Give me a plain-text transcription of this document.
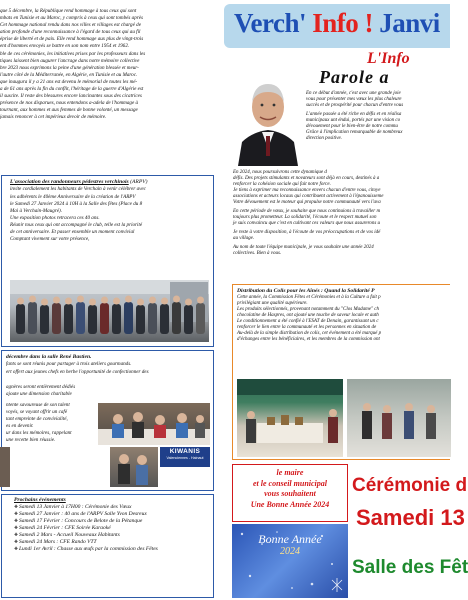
que 5 décembre, la République rend hommage à tous ceux qui sont

mbats en Tunisie et au Maroc, y compris à ceux qui sont tombés après

Cet hommage national rendu dans nos villes et villages est chargé de

ation profonde d'une reconnaissance à l'égard de tous ceux qui au fil

éprise de liberté et de paix. Elle rend hommage aux plus de vingt-trois

ent d'hommes envoyés se battre en son nom entre 1954 et 1962.

ble de ces cérémonies, les initiatives prises par les professeurs dans les

tiques laissent bien augurer l'ancrage dans notre mémoire collective

bre 2023 nous exprimons la peine d'une génération blessée et meur-

l'autre côté de la Méditerranée, en Algérie, en Tunisie et au Maroc.

que inaugura il y a 21 ans est devenu le mémorial de toutes les mé-

a de 61 ans après la fin du conflit, l'héritage de la guerre d'Algérie est

il suscite. Il reste des blessures encore lancinantes sous des cicatrices

présence de nos disparues, nous entendons a-adela de l'hommage à

tournant, aux hommes et aux femmes de bonne volonté, un message

jamais renoncer à cet impérieux devoir de mémoire.

L'association des randonneurs pédestres verchinois (ARPV)

invite cordialement les habitants de Verchain à venir célébrer avec

les adhérents le 40ème Anniversaire de la création de l'ARPV

le Samedi 27 Janvier 2024 à 10H à la Salle des fêtes (Place du 8

Mai à Verchain-Maugré).

Une exposition photos retracera ces 40 ans.

Réunir tous ceux qui ont accompagné le club, telle est la priorité

de cet anniversaire. Et passer ensemble un moment convivial

Comptant vivement sur votre présence,

décembre dans la salle René Bastien.

fants se sont réunis pour partager à trois ateliers gourmands.

ert offert aux jeunes chefs en herbe l'opportunité de confectionner des

agnères seront entièrement dédiés

ajoute une dimension charitable

ntente savoureuse de son talent

voyés, se voyant offrir un café

tant empreinte de convivialité,

es en devenir.

ur dans les mémoires, rappelant

une recette bien réussie.

KIWANIS
Valenciennes - Hainaut

Prochains événements

❖Samedi 13 Janvier à 17H00 : Cérémonie des Vœux

❖Samedi 27 Janvier : 40 ans de l'ARPV Salle Yvon Desreux

❖Samedi 17 Février : Concours de Belote de la Pétanque

❖Samedi 24 Février : CFE Soirée Karaoké

❖Samedi 2 Mars - Accueil Nouveaux Habitants

❖Samedi 24 Mars : CFE Rando VTT

❖Lundi 1er Avril : Chasse aux œufs par la commission des Fêtes

Verch' Info ! Janvi
L'Info
Parole a

En ce début d'année, c'est avec une grande joie

vous pour présenter mes vœux les plus chaleure

succès et de prospérité pour chacun d'entre vous

L'année passée a été riche en défis et en réalisa

municipaux unt éndui, portés par une vision co

dévouement pour le bien-être de notre commu

Grâce à l'implication remarquable de nombreux

direction positive.

En 2024, nous poursuivrons cette dynamique d

défis. Des projets stimulants et novateurs sont déjà en cours, destinés à a

renforcer la cohésion sociale qui fait notre force.

Je tiens à exprimer ma reconnaissance envers chacun d'entre vous, citoye

associations et acteurs locaux qui contribuent activement à l'épanouisseme

Votre dévouement est le moteur qui propulse notre communauté vers l'ava

En cette période de vœux, je souhaite que nous continuions à travailler m

toujours plus prometteur. La solidarité, l'écoute et le respect mutuel son

je suis convaincu que c'est en cultivant ces valeurs que nous assurerons u

Je reste à votre disposition, à l'écoute de vos préoccupations et de vos idé

au village.

Au nom de toute l'équipe municipale, je vous souhaite une année 2024

collectives. Bien à vous.

Distribution du Colis pour les Aînés : Quand la Solidarité P

Cette année, la Commission Fêtes et Cérémonies et à la Culture a fait p

privilégiant une qualité supérieure.

Les produits sélectionnés, provenant notamment du "Clos Madame" ch

chocolatine de Haspres, ont ajouté une touche de saveur locale et auth

Le conditionnement a été confié à l'ESAT de Denain, garantissant un c

renforcer le lien entre la communauté et les personnes en situation de

Au-delà de la simple distribution de colis, cet événement a été marqué p

d'échanges entre les bénéficiaires, et les membres de la commission ont

le maire
et le conseil municipal
vous souhaitent
Une Bonne Année 2024
Bonne Année
2024
Cérémonie d
Samedi 13
Salle des Fêt
